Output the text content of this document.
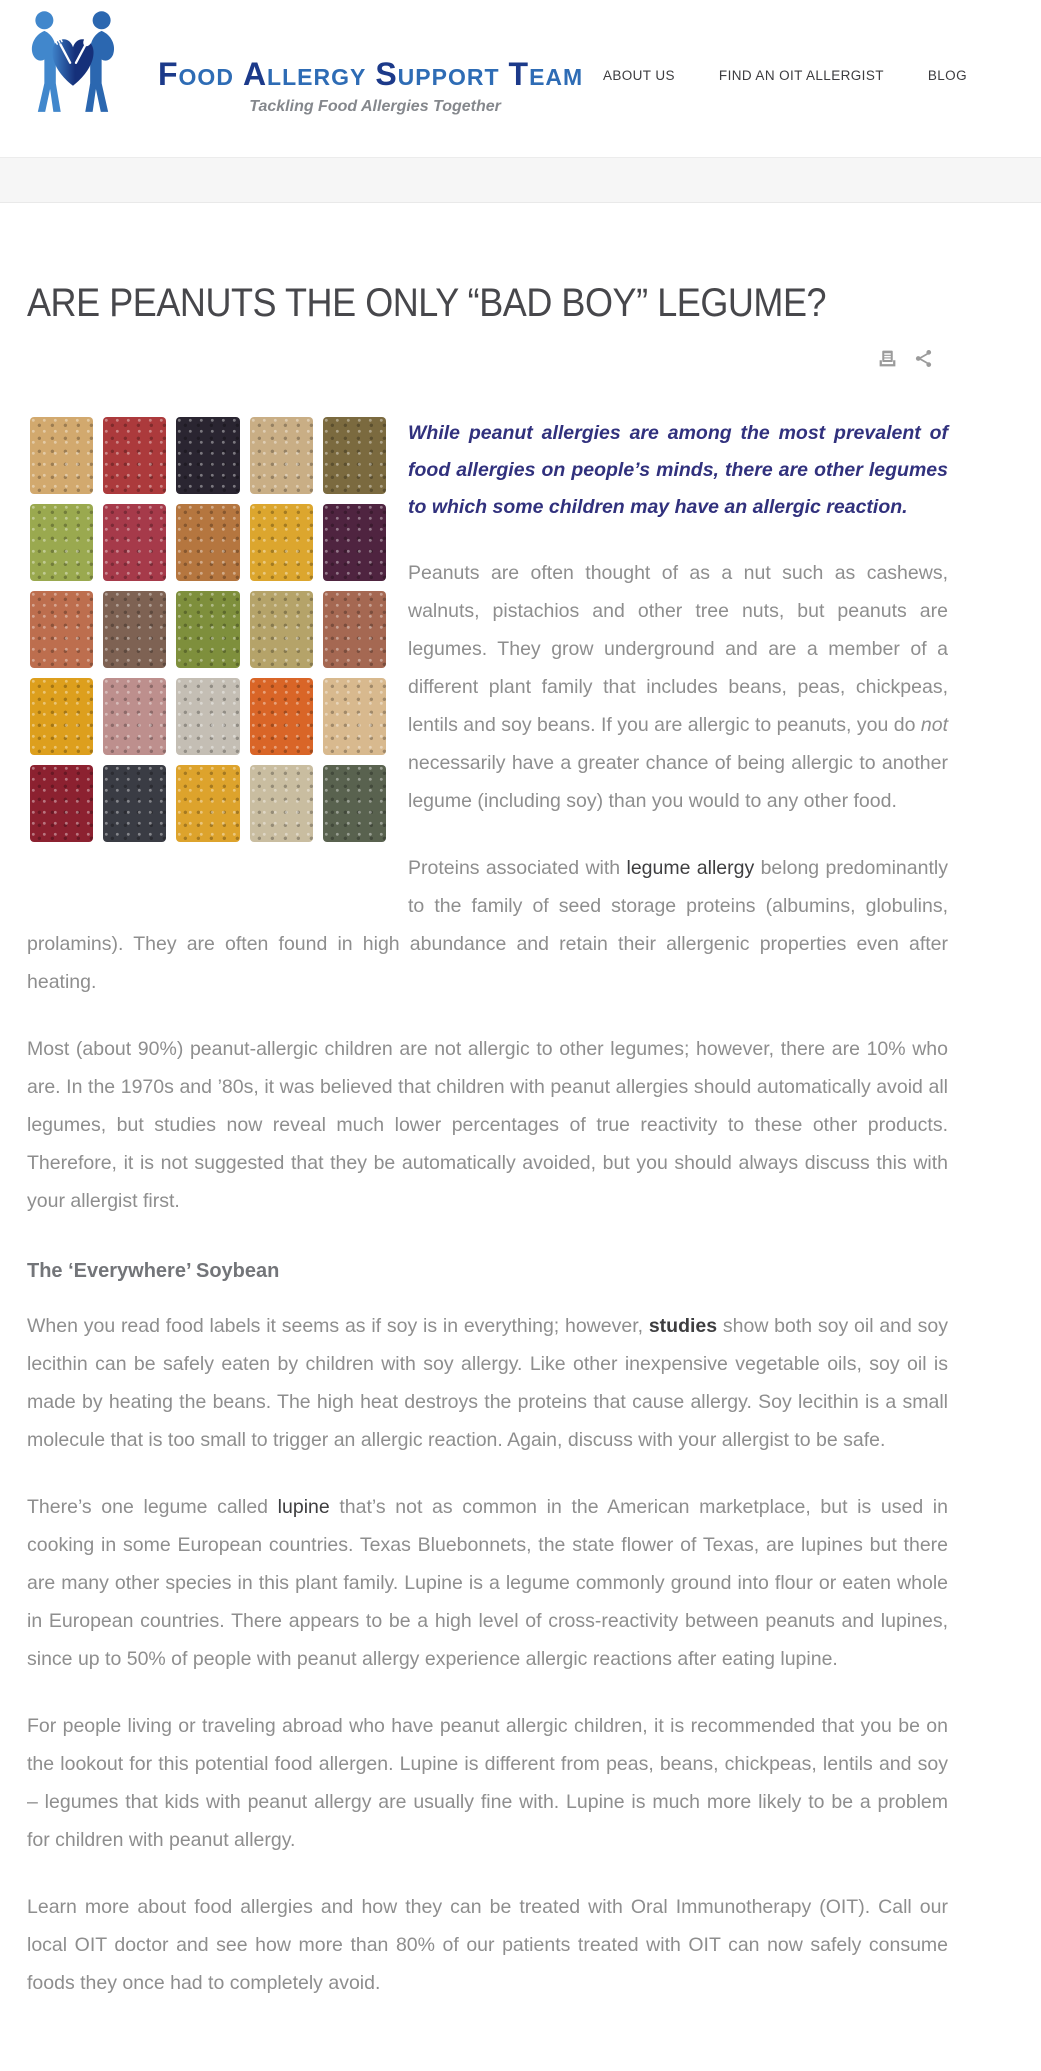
FOOD ALLERGY SUPPORT TEAM
Tackling Food Allergies Together
ABOUT US	FIND AN OIT ALLERGIST	BLOG
ARE PEANUTS THE ONLY “BAD BOY” LEGUME?

While peanut allergies are among the most prevalent of food allergies on people’s minds, there are other legumes to which some children may have an allergic reaction.

Peanuts are often thought of as a nut such as cashews, walnuts, pistachios and other tree nuts, but peanuts are legumes. They grow underground and are a member of a different plant family that includes beans, peas, chickpeas, lentils and soy beans. If you are allergic to peanuts, you do not necessarily have a greater chance of being allergic to another legume (including soy) than you would to any other food.

Proteins associated with legume allergy belong predominantly to the family of seed storage proteins (albumins, globulins, prolamins). They are often found in high abundance and retain their allergenic properties even after heating.

Most (about 90%) peanut-allergic children are not allergic to other legumes; however, there are 10% who are. In the 1970s and ’80s, it was believed that children with peanut allergies should automatically avoid all legumes, but studies now reveal much lower percentages of true reactivity to these other products. Therefore, it is not suggested that they be automatically avoided, but you should always discuss this with your allergist first.

The ‘Everywhere’ Soybean

When you read food labels it seems as if soy is in everything; however, studies show both soy oil and soy lecithin can be safely eaten by children with soy allergy. Like other inexpensive vegetable oils, soy oil is made by heating the beans. The high heat destroys the proteins that cause allergy. Soy lecithin is a small molecule that is too small to trigger an allergic reaction. Again, discuss with your allergist to be safe.

There’s one legume called lupine that’s not as common in the American marketplace, but is used in cooking in some European countries. Texas Bluebonnets, the state flower of Texas, are lupines but there are many other species in this plant family. Lupine is a legume commonly ground into flour or eaten whole in European countries. There appears to be a high level of cross-reactivity between peanuts and lupines, since up to 50% of people with peanut allergy experience allergic reactions after eating lupine.

For people living or traveling abroad who have peanut allergic children, it is recommended that you be on the lookout for this potential food allergen. Lupine is different from peas, beans, chickpeas, lentils and soy – legumes that kids with peanut allergy are usually fine with. Lupine is much more likely to be a problem for children with peanut allergy.

Learn more about food allergies and how they can be treated with Oral Immunotherapy (OIT). Call our local OIT doctor and see how more than 80% of our patients treated with OIT can now safely consume foods they once had to completely avoid.
